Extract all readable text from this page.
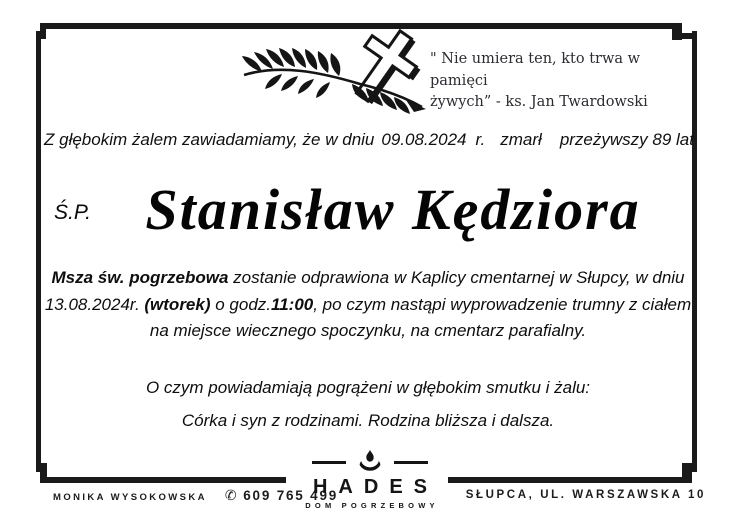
" Nie umiera ten, kto trwa w pamięci
żywych” - ks. Jan Twardowski
Z głębokim żalem zawiadamiamy, że w dniu 09.08.2024 r. zmarł przeżywszy 89 lat
Ś.P. Stanisław Kędziora
Msza św. pogrzebowa zostanie odprawiona w Kaplicy cmentarnej w Słupcy, w dniu
13.08.2024r. (wtorek) o godz.11:00, po czym nastąpi wyprowadzenie trumny z ciałem
na miejsce wiecznego spoczynku, na cmentarz parafialny.
O czym powiadamiają pogrążeni w głębokim smutku i żalu:
Córka i syn z rodzinami. Rodzina bliższa i dalsza.
MONIKA WYSOKOWSKA ✆ 609 765 499
HADES
DOM POGRZEBOWY
SŁUPCA, UL. WARSZAWSKA 10
